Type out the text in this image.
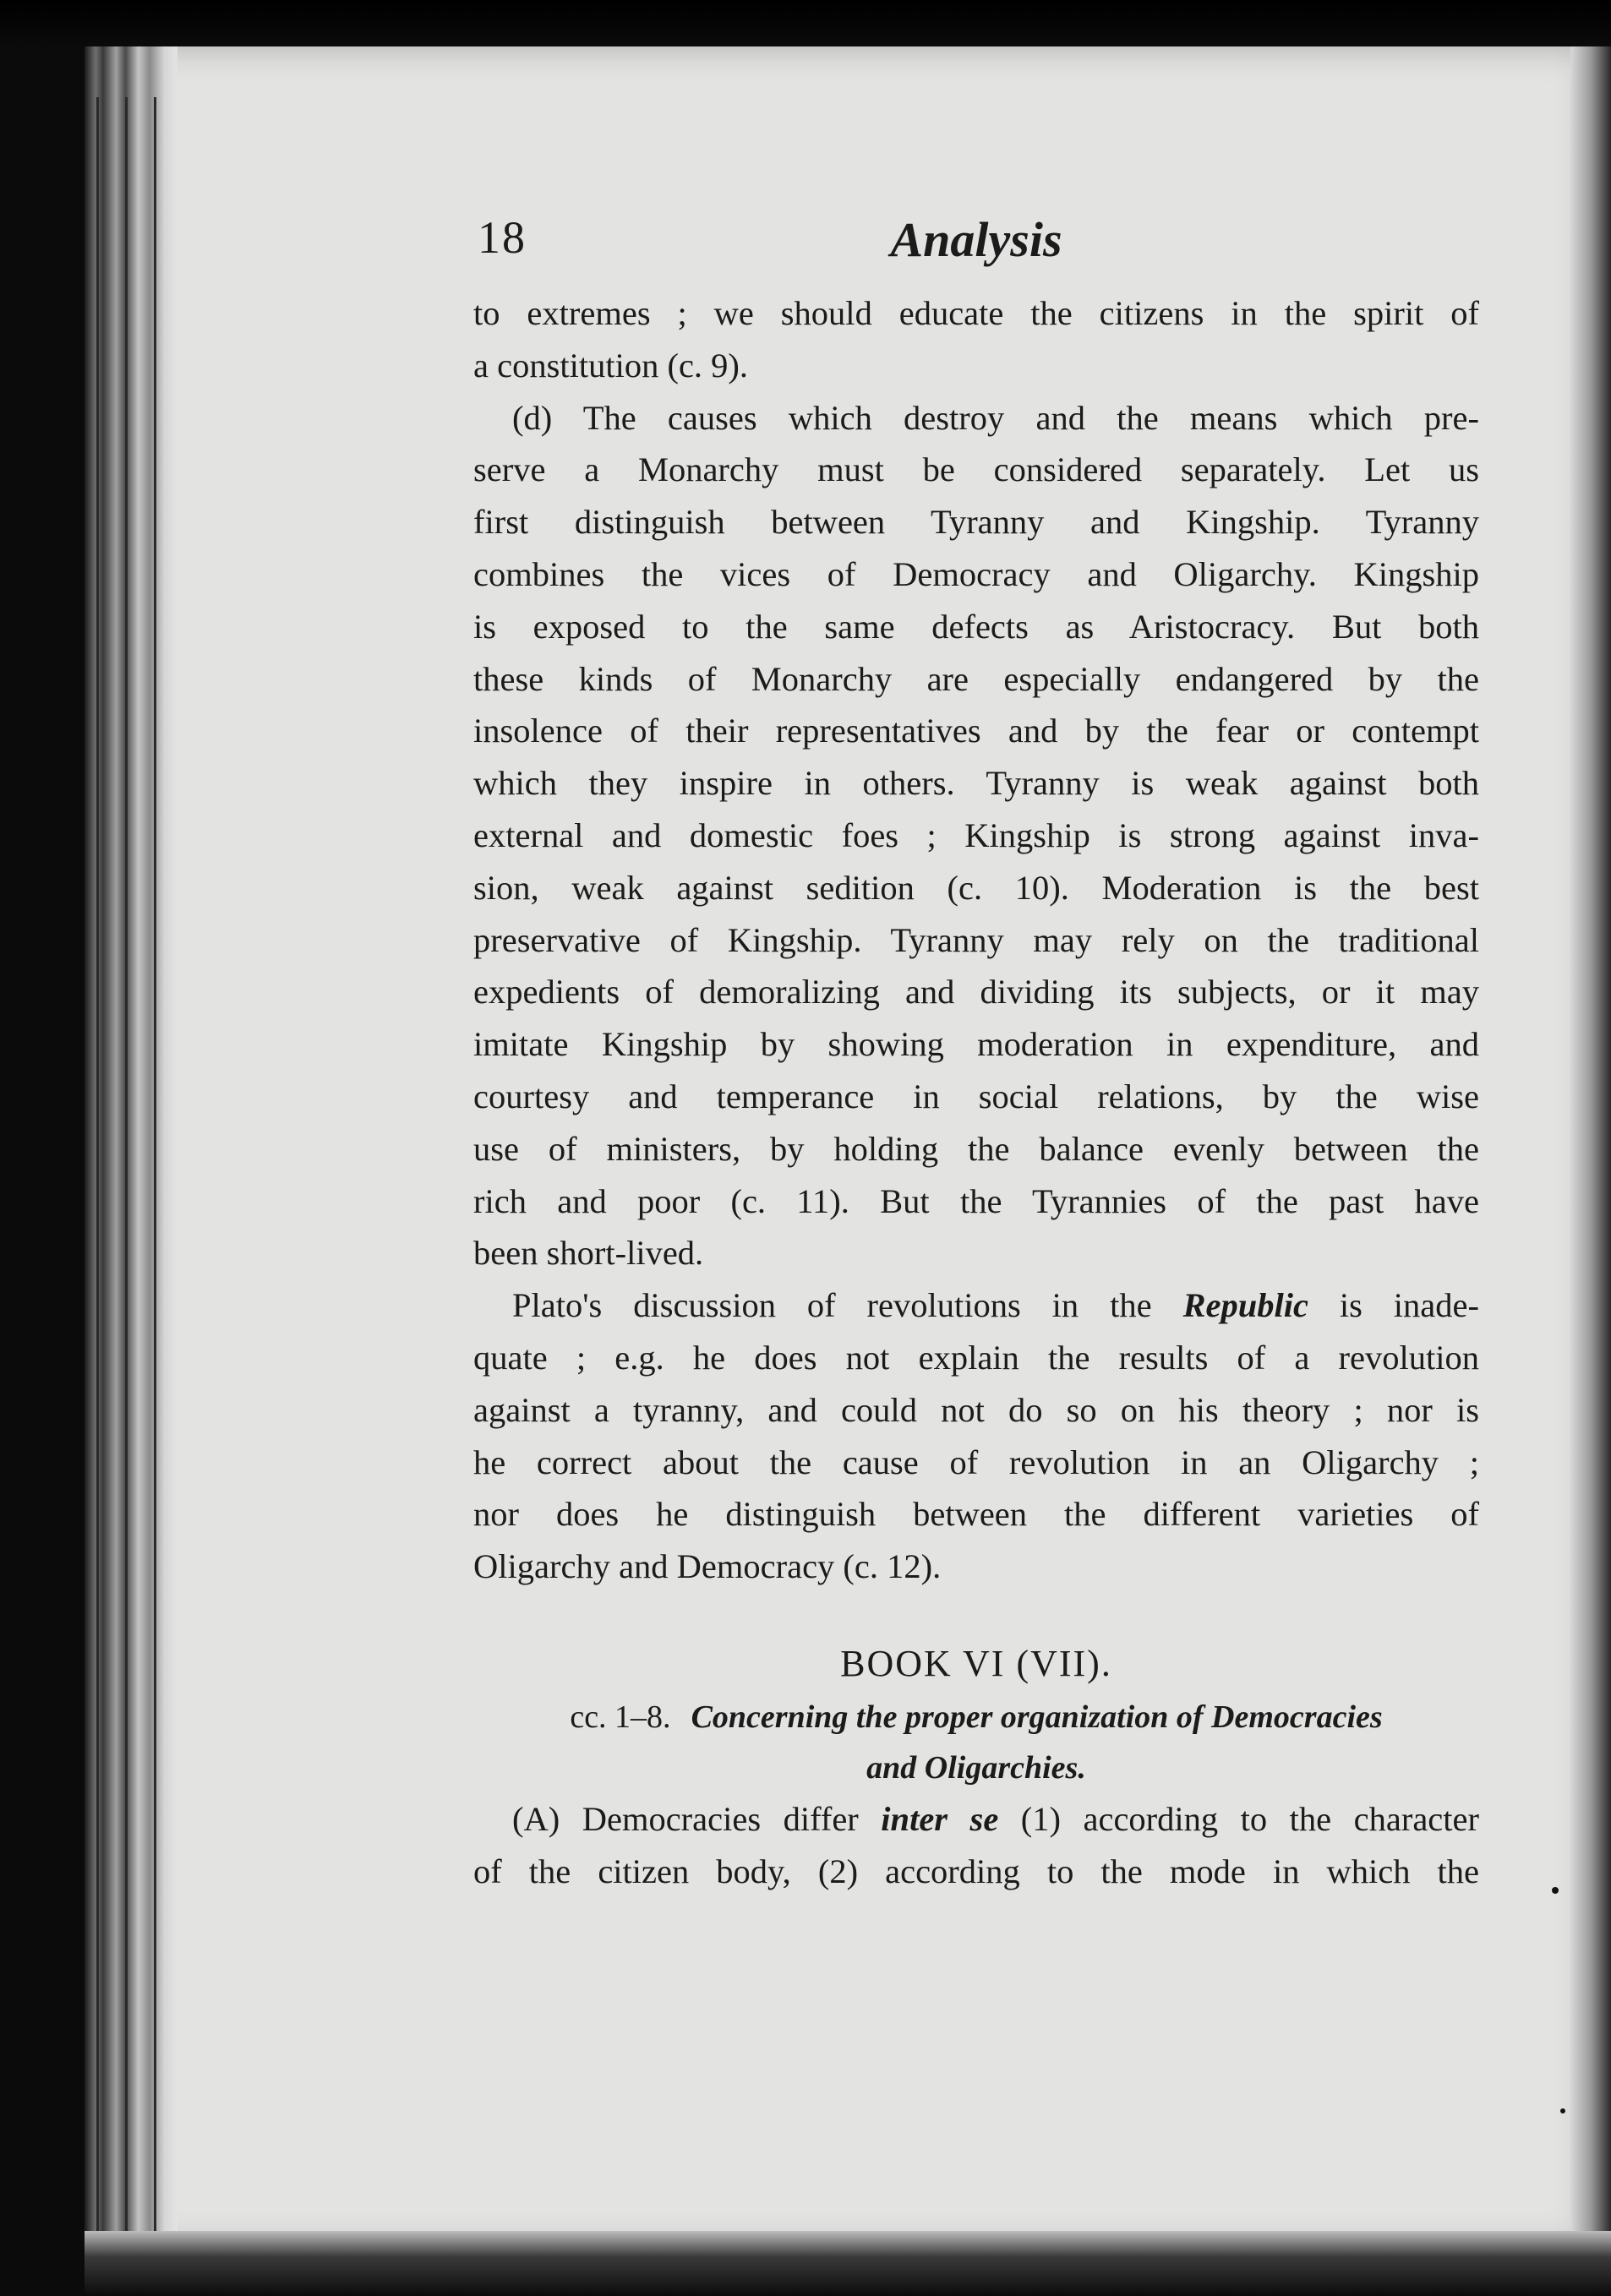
18	Analysis

to extremes ; we should educate the citizens in the spirit of
a constitution (c. 9).

(d) The causes which destroy and the means which pre-
serve a Monarchy must be considered separately. Let us
first distinguish between Tyranny and Kingship. Tyranny
combines the vices of Democracy and Oligarchy. Kingship
is exposed to the same defects as Aristocracy. But both
these kinds of Monarchy are especially endangered by the
insolence of their representatives and by the fear or contempt
which they inspire in others. Tyranny is weak against both
external and domestic foes ; Kingship is strong against inva-
sion, weak against sedition (c. 10). Moderation is the best
preservative of Kingship. Tyranny may rely on the traditional
expedients of demoralizing and dividing its subjects, or it may
imitate Kingship by showing moderation in expenditure, and
courtesy and temperance in social relations, by the wise
use of ministers, by holding the balance evenly between the
rich and poor (c. 11). But the Tyrannies of the past have
been short-lived.

Plato's discussion of revolutions in the Republic is inade-
quate ; e.g. he does not explain the results of a revolution
against a tyranny, and could not do so on his theory ; nor is
he correct about the cause of revolution in an Oligarchy ;
nor does he distinguish between the different varieties of
Oligarchy and Democracy (c. 12).

BOOK VI (VII).
cc. 1–8. Concerning the proper organization of Democracies
and Oligarchies.

(A) Democracies differ inter se (1) according to the character
of the citizen body, (2) according to the mode in which the
